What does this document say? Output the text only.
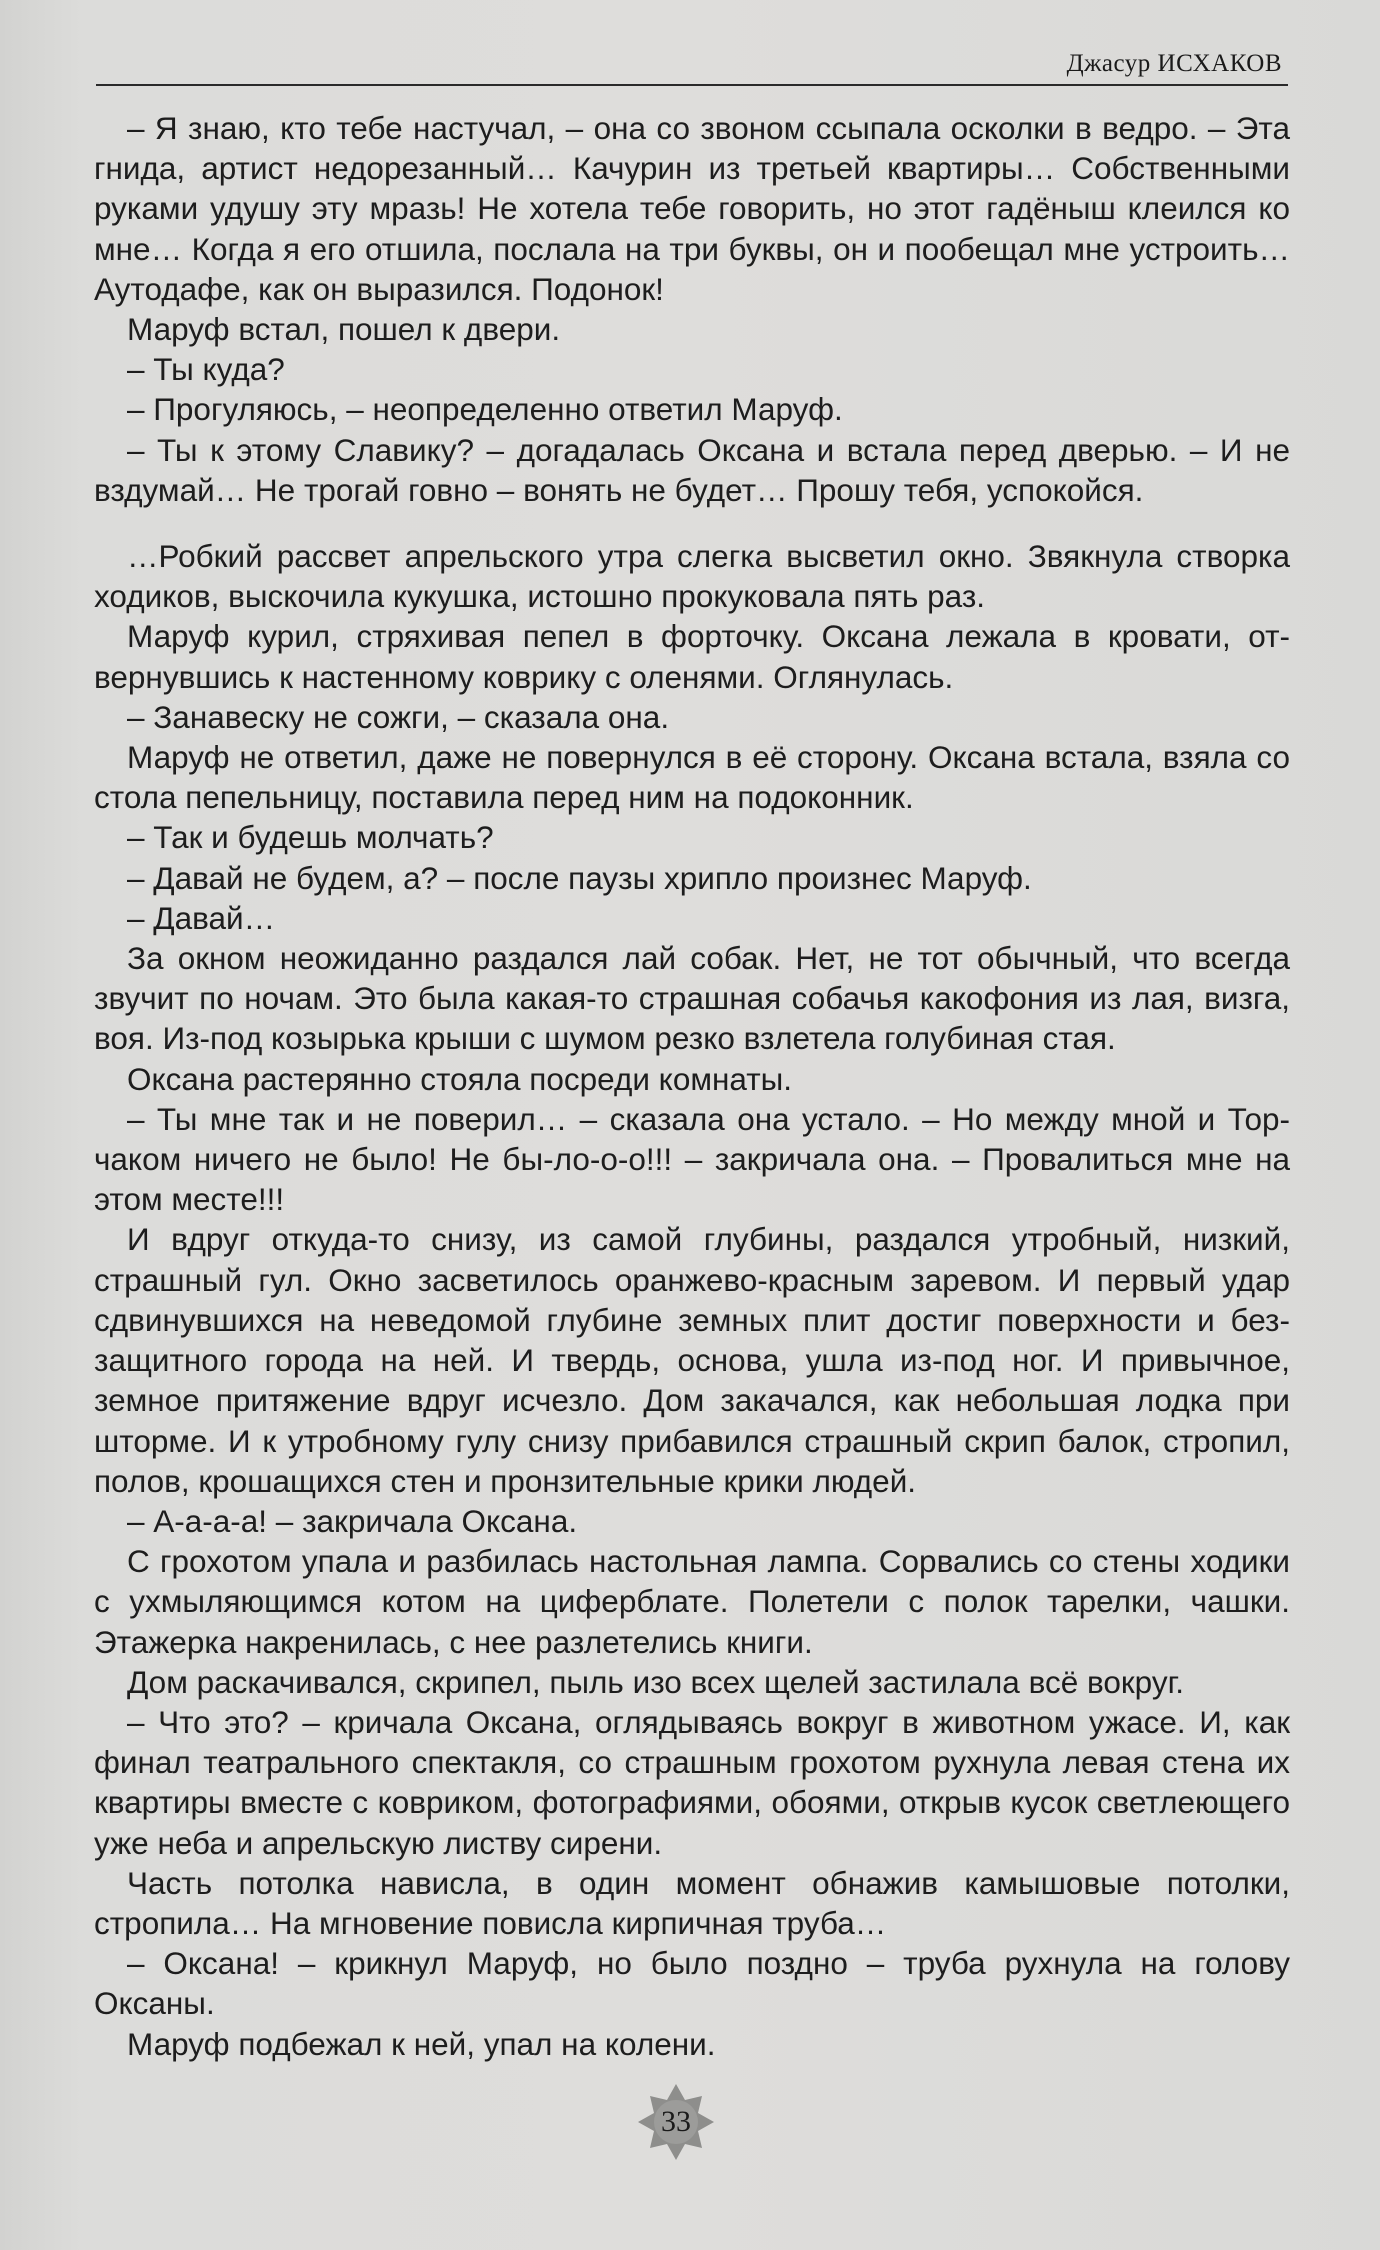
Джасур ИСХАКОВ

– Я знаю, кто тебе настучал, – она со звоном ссыпала осколки в ведро. – Эта гнида, артист недорезанный… Качурин из третьей квартиры… Собственными руками удушу эту мразь! Не хотела тебе говорить, но этот гадёныш клеился ко мне… Когда я его отшила, послала на три буквы, он и пообещал мне устроить… Аутодафе, как он выразился. Подонок!

Маруф встал, пошел к двери.

– Ты куда?

– Прогуляюсь, – неопределенно ответил Маруф.

– Ты к этому Славику? – догадалась Оксана и встала перед дверью. – И не вздумай… Не трогай говно – вонять не будет… Прошу тебя, успокойся.

…Робкий рассвет апрельского утра слегка высветил окно. Звякнула створка ходиков, выскочила кукушка, истошно прокуковала пять раз.

Маруф курил, стряхивая пепел в форточку. Оксана лежала в кровати, отвернувшись к настенному коврику с оленями. Оглянулась.

– Занавеску не сожги, – сказала она.

Маруф не ответил, даже не повернулся в её сторону. Оксана встала, взяла со стола пепельницу, поставила перед ним на подоконник.

– Так и будешь молчать?

– Давай не будем, а? – после паузы хрипло произнес Маруф.

– Давай…

За окном неожиданно раздался лай собак. Нет, не тот обычный, что всегда звучит по ночам. Это была какая-то страшная собачья какофония из лая, визга, воя. Из-под козырька крыши с шумом резко взлетела голубиная стая.

Оксана растерянно стояла посреди комнаты.

– Ты мне так и не поверил… – сказала она устало. – Но между мной и Торчаком ничего не было! Не бы-ло-о-о!!! – закричала она. – Провалиться мне на этом месте!!!

И вдруг откуда-то снизу, из самой глубины, раздался утробный, низкий, страшный гул. Окно засветилось оранжево-красным заревом. И первый удар сдвинувшихся на неведомой глубине земных плит достиг поверхности и беззащитного города на ней. И твердь, основа, ушла из-под ног. И привычное, земное притяжение вдруг исчезло. Дом закачался, как небольшая лодка при шторме. И к утробному гулу снизу прибавился страшный скрип балок, стропил, полов, крошащихся стен и пронзительные крики людей.

– А-а-а-а! – закричала Оксана.

С грохотом упала и разбилась настольная лампа. Сорвались со стены ходики с ухмыляющимся котом на циферблате. Полетели с полок тарелки, чашки. Этажерка накренилась, с нее разлетелись книги.

Дом раскачивался, скрипел, пыль изо всех щелей застилала всё вокруг.

– Что это? – кричала Оксана, оглядываясь вокруг в животном ужасе. И, как финал театрального спектакля, со страшным грохотом рухнула левая стена их квартиры вместе с ковриком, фотографиями, обоями, открыв кусок светлеющего уже неба и апрельскую листву сирени.

Часть потолка нависла, в один момент обнажив камышовые потолки, стропила… На мгновение повисла кирпичная труба…

– Оксана! – крикнул Маруф, но было поздно – труба рухнула на голову Оксаны.

Маруф подбежал к ней, упал на колени.

33
